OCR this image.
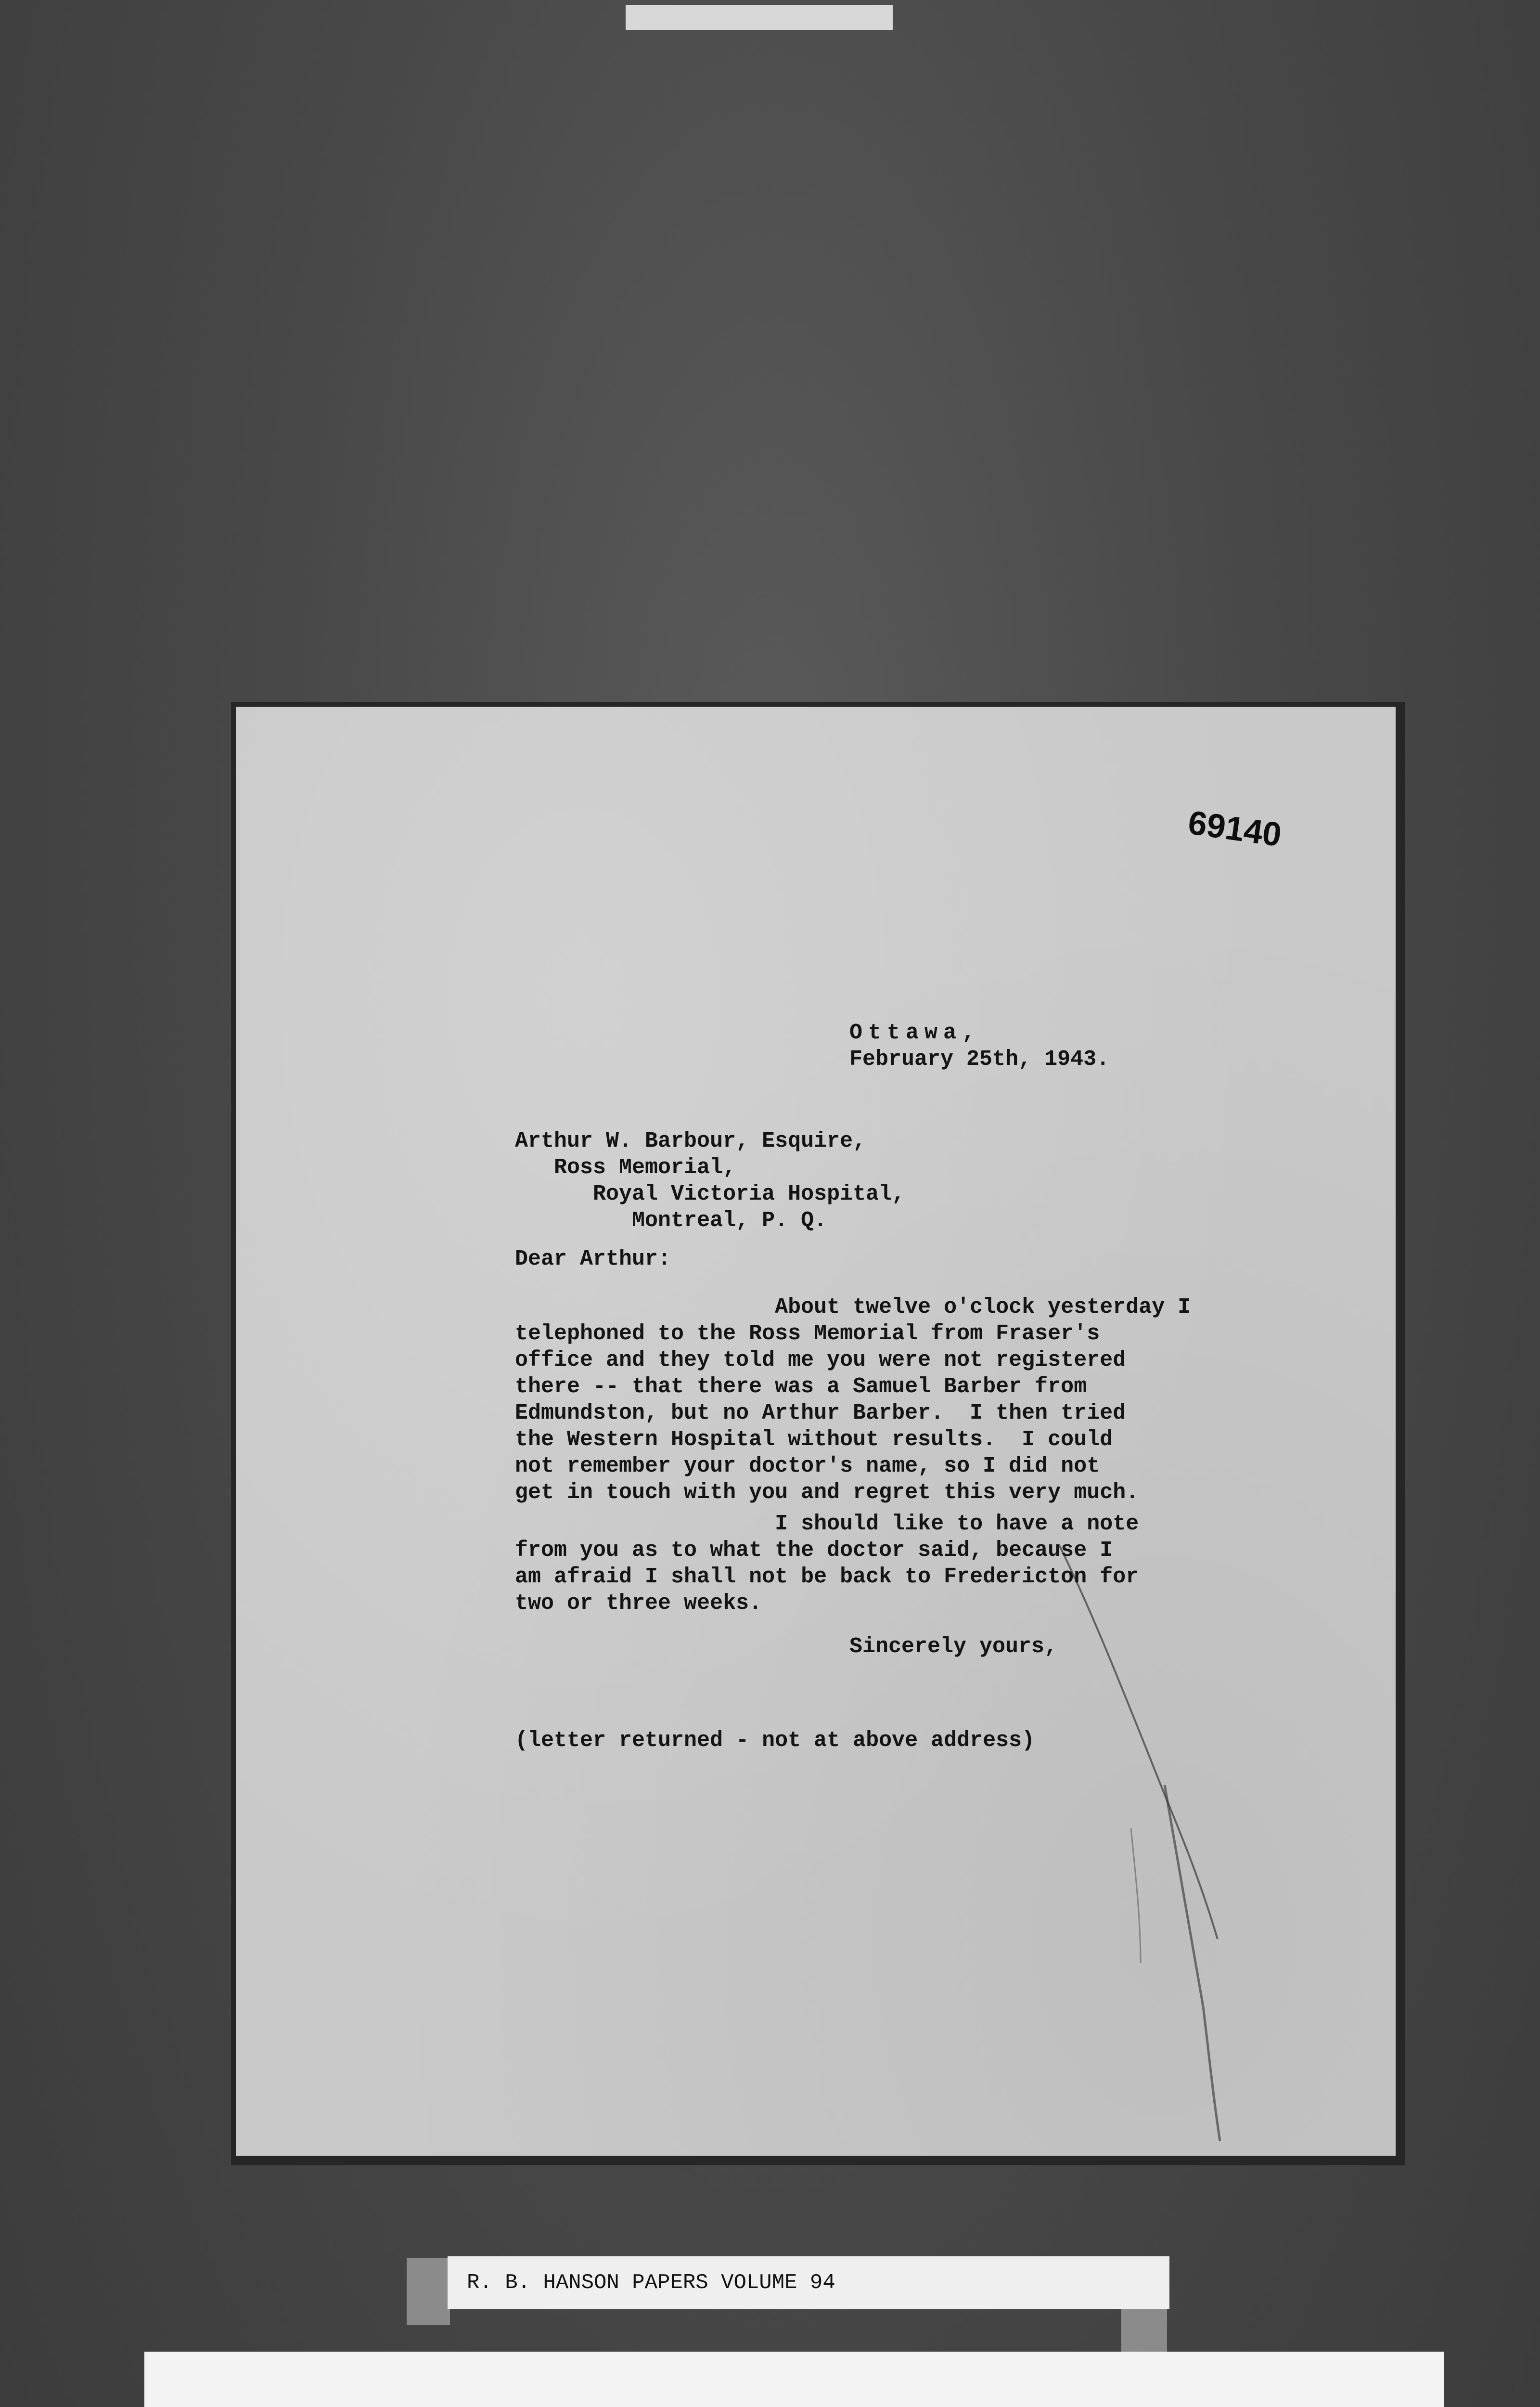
69140
Ottawa,
February 25th, 1943.
Arthur W. Barbour, Esquire,
Ross Memorial,
Royal Victoria Hospital,
Montreal, P. Q.
Dear Arthur:
About twelve o'clock yesterday I
telephoned to the Ross Memorial from Fraser's
office and they told me you were not registered
there -- that there was a Samuel Barber from
Edmundston, but no Arthur Barber.  I then tried
the Western Hospital without results.  I could
not remember your doctor's name, so I did not
get in touch with you and regret this very much.
I should like to have a note
from you as to what the doctor said, because I
am afraid I shall not be back to Fredericton for
two or three weeks.
Sincerely yours,
(letter returned - not at above address)
R. B. HANSON PAPERS VOLUME 94
